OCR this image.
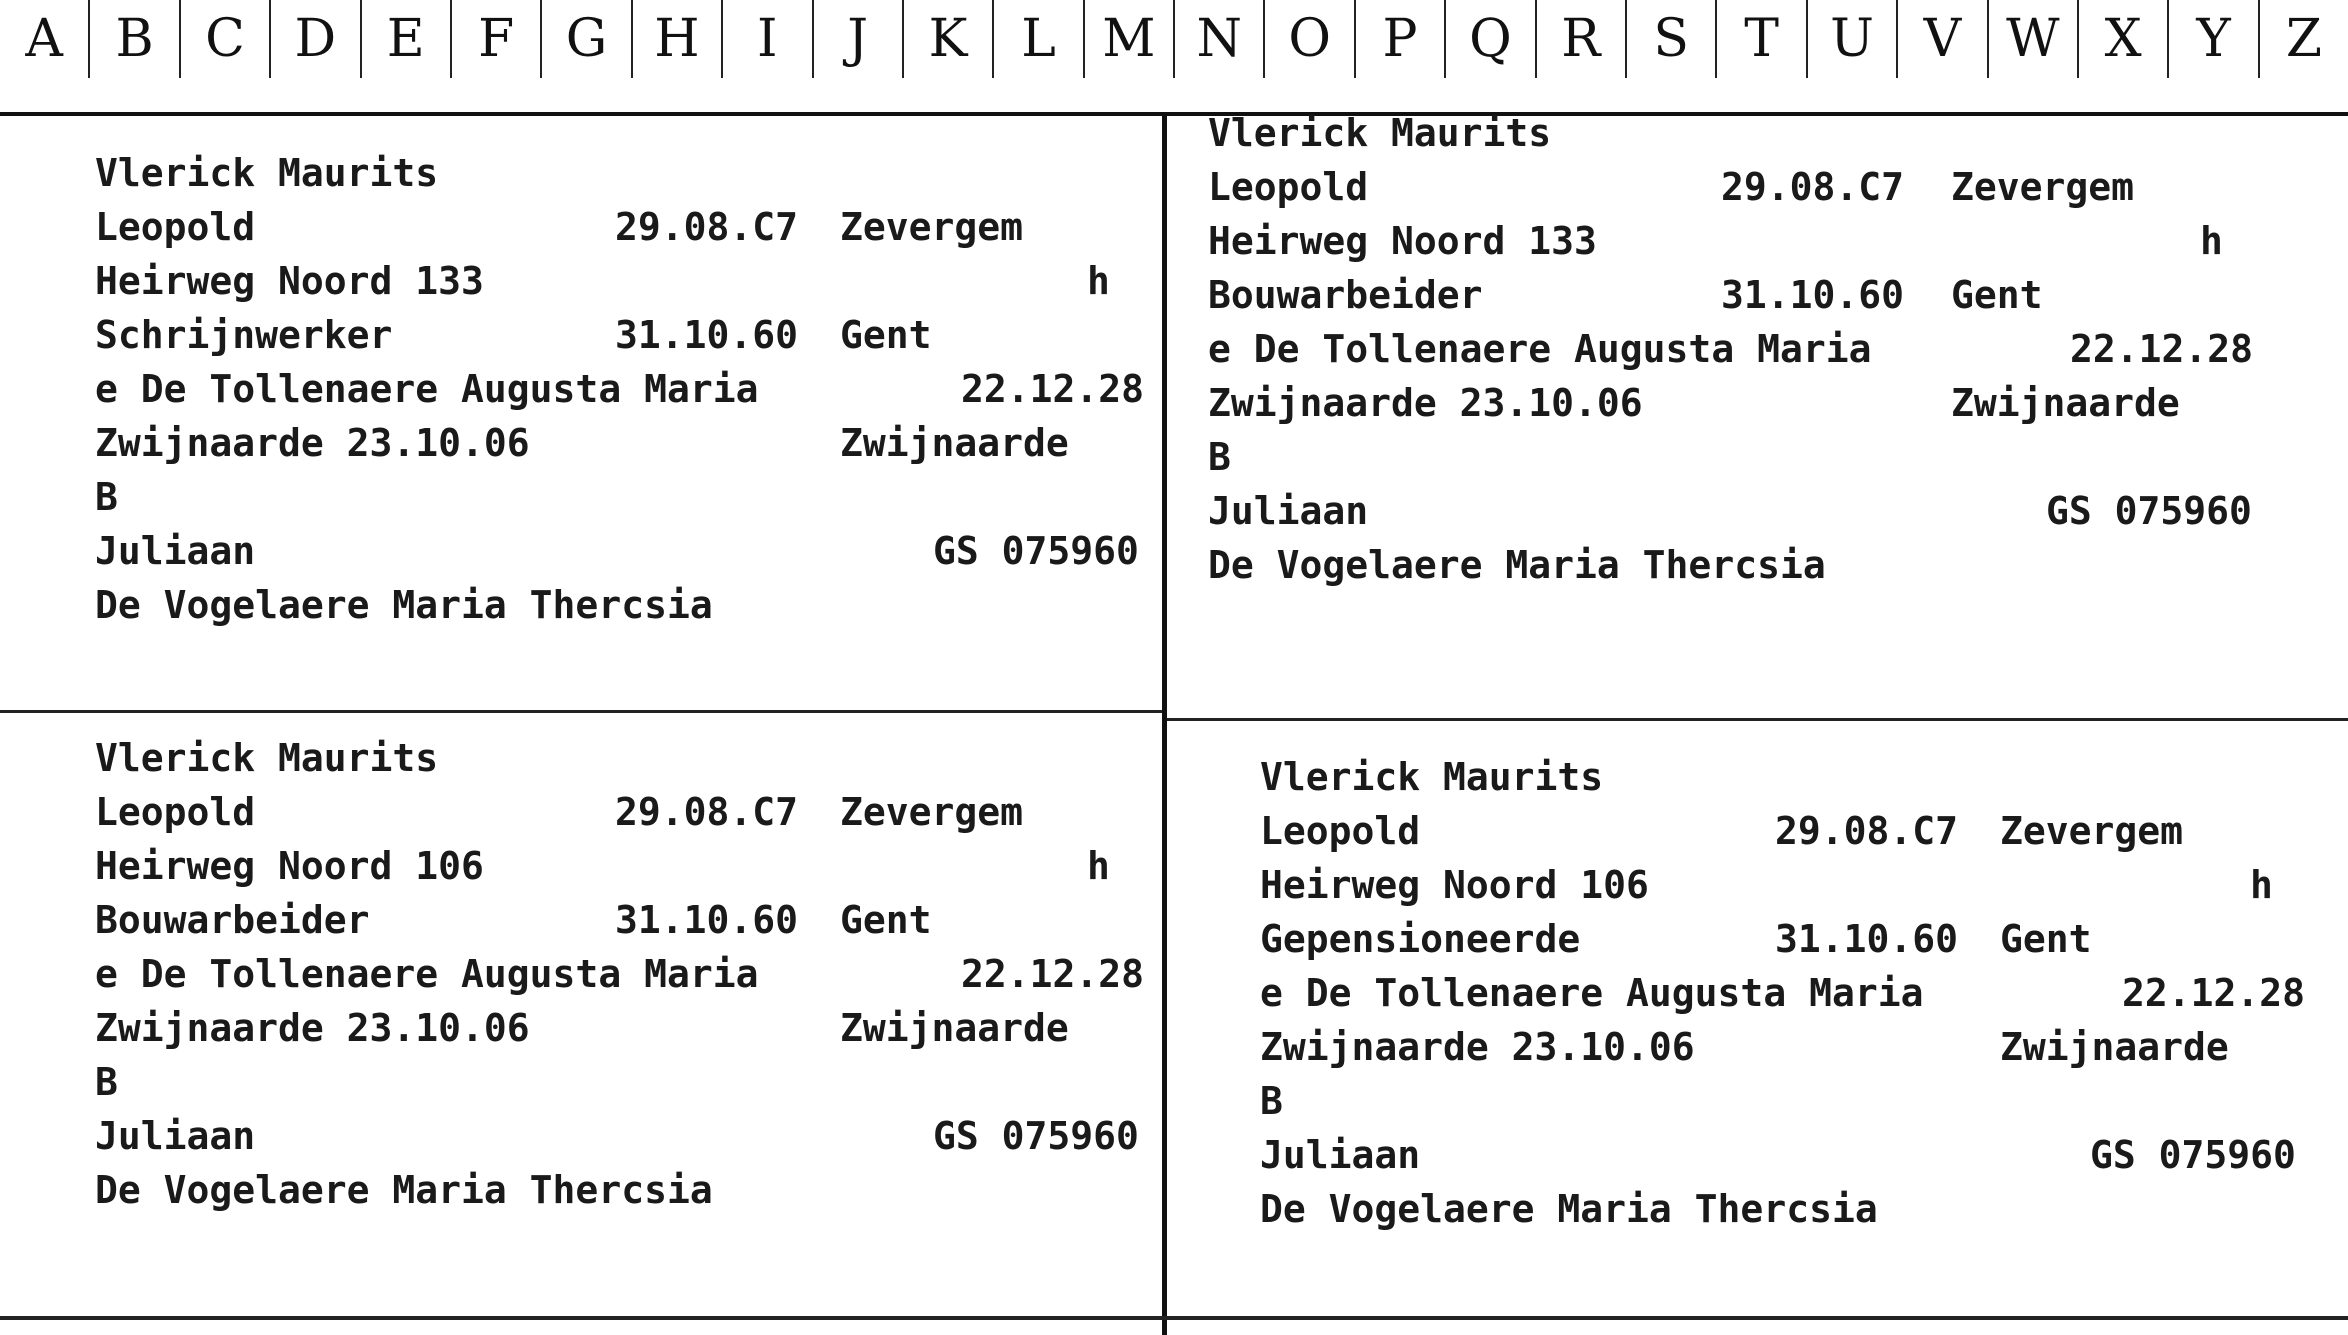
A	B C D E	F G H	I	J	K	L M N O P Q R	S	T U V W X	Y	Z
Vlerick Maurits
Leopold	29.08.C7 Zevergem
Heirweg Noord 133	h
Schrijnwerker	31.10.60 Gent
e De Tollenaere Augusta Maria	22.12.28
Zwijnaarde 23.10.06	Zwijnaarde
B
Juliaan	GS 075960
De Vogelaere Maria Thercsia
Vlerick Maurits
Leopold	29.08.C7 Zevergem
Heirweg Noord 133	h
Bouwarbeider	31.10.60 Gent
e De Tollenaere Augusta Maria	22.12.28
Zwijnaarde 23.10.06	Zwijnaarde
B
Juliaan	GS 075960
De Vogelaere Maria Thercsia
Vlerick Maurits
Leopold	29.08.C7 Zevergem
Heirweg Noord 106	h
Bouwarbeider	31.10.60 Gent
e De Tollenaere Augusta Maria	22.12.28
Zwijnaarde 23.10.06	Zwijnaarde
B
Juliaan	GS 075960
De Vogelaere Maria Thercsia
Vlerick Maurits
Leopold	29.08.C7 Zevergem
Heirweg Noord 106	h
Gepensioneerde	31.10.60 Gent
e De Tollenaere Augusta Maria	22.12.28
Zwijnaarde 23.10.06	Zwijnaarde
B
Juliaan	GS 075960
De Vogelaere Maria Thercsia
